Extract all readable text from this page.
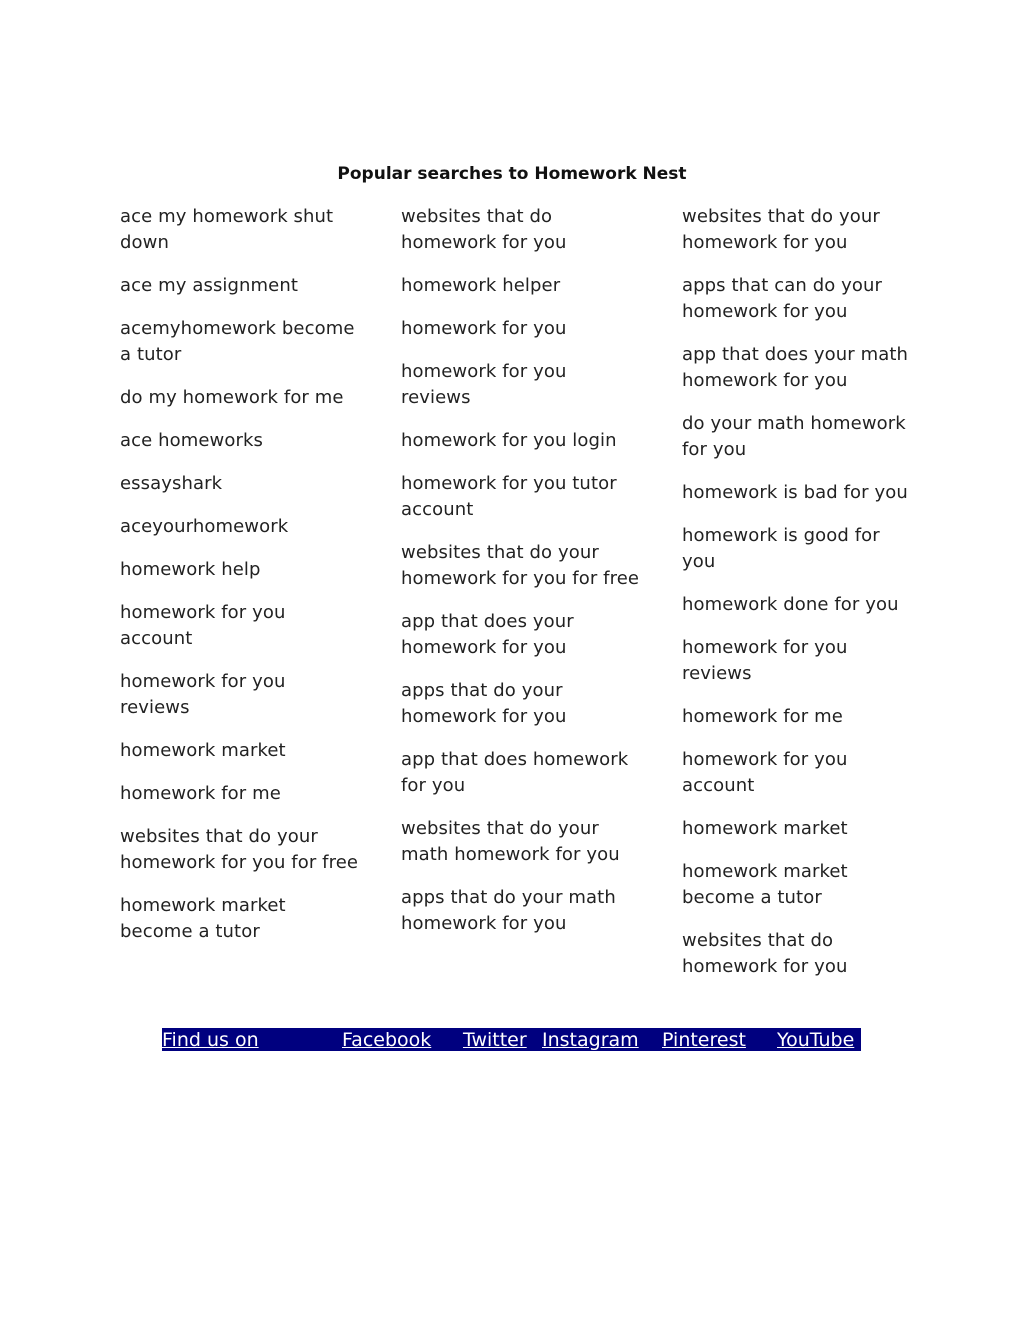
Popular searches to Homework Nest

ace my homework shut down

ace my assignment

acemyhomework become a tutor

do my homework for me

ace homeworks

essayshark

aceyourhomework

homework help

homework for you account

homework for you reviews

homework market

homework for me

websites that do your homework for you for free

homework market become a tutor

websites that do homework for you

homework helper

homework for you

homework for you reviews

homework for you login

homework for you tutor account

websites that do your homework for you for free

app that does your homework for you

apps that do your homework for you

app that does homework for you

websites that do your math homework for you

apps that do your math homework for you

websites that do your homework for you

apps that can do your homework for you

app that does your math homework for you

do your math homework for you

homework is bad for you

homework is good for you

homework done for you

homework for you reviews

homework for me

homework for you account

homework market

homework market become a tutor

websites that do homework for you

Find us on	Facebook Twitter Instagram Pinterest YouTube
